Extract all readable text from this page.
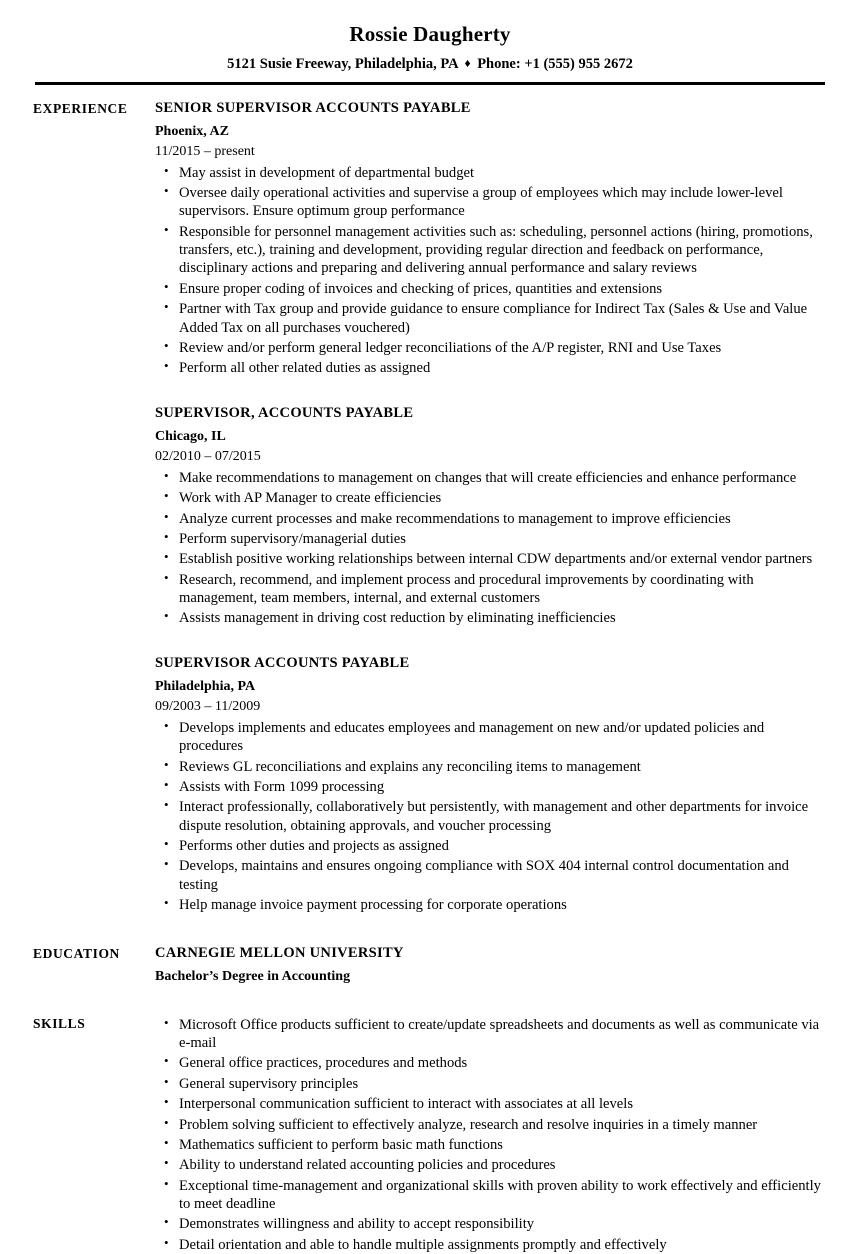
Rossie Daugherty
5121 Susie Freeway, Philadelphia, PA ♦ Phone: +1 (555) 955 2672
EXPERIENCE	SENIOR SUPERVISOR ACCOUNTS PAYABLE
Phoenix, AZ
11/2015 – present
• May assist in development of departmental budget
• Oversee daily operational activities and supervise a group of employees which may include lower-level supervisors. Ensure optimum group performance
• Responsible for personnel management activities such as: scheduling, personnel actions (hiring, promotions, transfers, etc.), training and development, providing regular direction and feedback on performance, disciplinary actions and preparing and delivering annual performance and salary reviews
• Ensure proper coding of invoices and checking of prices, quantities and extensions
• Partner with Tax group and provide guidance to ensure compliance for Indirect Tax (Sales & Use and Value Added Tax on all purchases vouchered)
• Review and/or perform general ledger reconciliations of the A/P register, RNI and Use Taxes
• Perform all other related duties as assigned
SUPERVISOR, ACCOUNTS PAYABLE
Chicago, IL
02/2010 – 07/2015
• Make recommendations to management on changes that will create efficiencies and enhance performance
• Work with AP Manager to create efficiencies
• Analyze current processes and make recommendations to management to improve efficiencies
• Perform supervisory/managerial duties
• Establish positive working relationships between internal CDW departments and/or external vendor partners
• Research, recommend, and implement process and procedural improvements by coordinating with management, team members, internal, and external customers
• Assists management in driving cost reduction by eliminating inefficiencies
SUPERVISOR ACCOUNTS PAYABLE
Philadelphia, PA
09/2003 – 11/2009
• Develops implements and educates employees and management on new and/or updated policies and procedures
• Reviews GL reconciliations and explains any reconciling items to management
• Assists with Form 1099 processing
• Interact professionally, collaboratively but persistently, with management and other departments for invoice dispute resolution, obtaining approvals, and voucher processing
• Performs other duties and projects as assigned
• Develops, maintains and ensures ongoing compliance with SOX 404 internal control documentation and testing
• Help manage invoice payment processing for corporate operations
EDUCATION	CARNEGIE MELLON UNIVERSITY
Bachelor’s Degree in Accounting
SKILLS	• Microsoft Office products sufficient to create/update spreadsheets and documents as well as communicate via e-mail
• General office practices, procedures and methods
• General supervisory principles
• Interpersonal communication sufficient to interact with associates at all levels
• Problem solving sufficient to effectively analyze, research and resolve inquiries in a timely manner
• Mathematics sufficient to perform basic math functions
• Ability to understand related accounting policies and procedures
• Exceptional time-management and organizational skills with proven ability to work effectively and efficiently to meet deadline
• Demonstrates willingness and ability to accept responsibility
• Detail orientation and able to handle multiple assignments promptly and effectively
